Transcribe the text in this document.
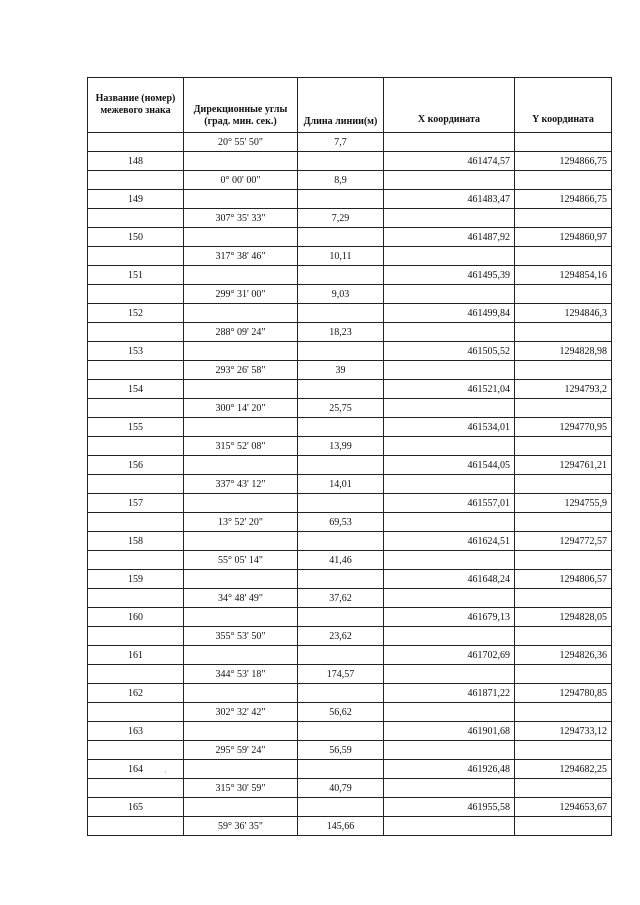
Название (номер) межевого знака	Дирекционные углы (град. мин. сек.)	Длина линии(м)	X координата	Y координата
	20° 55' 50"	7,7		
148			461474,57	1294866,75
	0° 00' 00"	8,9		
149			461483,47	1294866,75
	307° 35' 33"	7,29		
150			461487,92	1294860,97
	317° 38' 46"	10,11		
151			461495,39	1294854,16
	299° 31' 00"	9,03		
152			461499,84	1294846,3
	288° 09' 24"	18,23		
153			461505,52	1294828,98
	293° 26' 58"	39		
154			461521,04	1294793,2
	300° 14' 20"	25,75		
155			461534,01	1294770,95
	315° 52' 08"	13,99		
156			461544,05	1294761,21
	337° 43' 12"	14,01		
157			461557,01	1294755,9
	13° 52' 20"	69,53		
158			461624,51	1294772,57
	55° 05' 14"	41,46		
159			461648,24	1294806,57
	34° 48' 49"	37,62		
160			461679,13	1294828,05
	355° 53' 50"	23,62		
161			461702,69	1294826,36
	344° 53' 18"	174,57		
162			461871,22	1294780,85
	302° 32' 42"	56,62		
163			461901,68	1294733,12
	295° 59' 24"	56,59		
164			461926,48	1294682,25
	315° 30' 59"	40,79		
165			461955,58	1294653,67
	59° 36' 35"	145,66		
ˎ
